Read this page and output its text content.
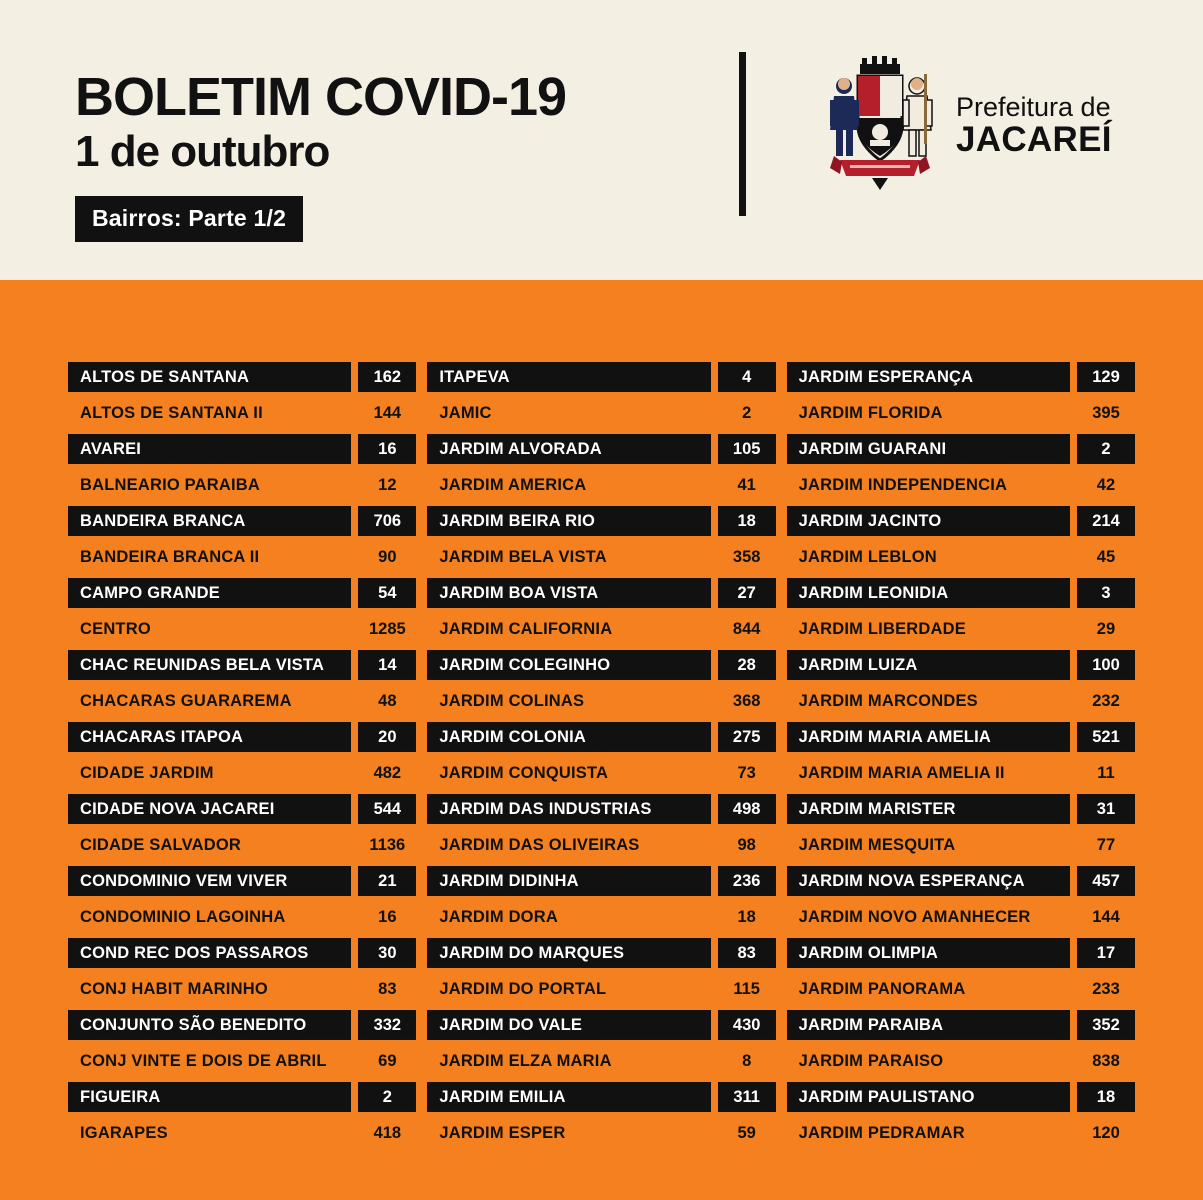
BOLETIM COVID-19
1 de outubro
Bairros: Parte 1/2
Prefeitura de
JACAREÍ
ALTOS DE SANTANA	162
ALTOS DE SANTANA II	144
AVAREI	16
BALNEARIO PARAIBA	12
BANDEIRA BRANCA	706
BANDEIRA BRANCA II	90
CAMPO GRANDE	54
CENTRO	1285
CHAC REUNIDAS BELA VISTA	14
CHACARAS GUARAREMA	48
CHACARAS ITAPOA	20
CIDADE JARDIM	482
CIDADE NOVA JACAREI	544
CIDADE SALVADOR	1136
CONDOMINIO VEM VIVER	21
CONDOMINIO LAGOINHA	16
COND REC DOS PASSAROS	30
CONJ HABIT MARINHO	83
CONJUNTO SÃO BENEDITO	332
CONJ VINTE E DOIS DE ABRIL	69
FIGUEIRA	2
IGARAPES	418
ITAPEVA	4
JAMIC	2
JARDIM ALVORADA	105
JARDIM AMERICA	41
JARDIM BEIRA RIO	18
JARDIM BELA VISTA	358
JARDIM BOA VISTA	27
JARDIM CALIFORNIA	844
JARDIM COLEGINHO	28
JARDIM COLINAS	368
JARDIM COLONIA	275
JARDIM CONQUISTA	73
JARDIM DAS INDUSTRIAS	498
JARDIM DAS OLIVEIRAS	98
JARDIM DIDINHA	236
JARDIM DORA	18
JARDIM DO MARQUES	83
JARDIM DO PORTAL	115
JARDIM DO VALE	430
JARDIM ELZA MARIA	8
JARDIM EMILIA	311
JARDIM ESPER	59
JARDIM ESPERANÇA	129
JARDIM FLORIDA	395
JARDIM GUARANI	2
JARDIM INDEPENDENCIA	42
JARDIM JACINTO	214
JARDIM LEBLON	45
JARDIM LEONIDIA	3
JARDIM LIBERDADE	29
JARDIM LUIZA	100
JARDIM MARCONDES	232
JARDIM MARIA AMELIA	521
JARDIM MARIA AMELIA II	11
JARDIM MARISTER	31
JARDIM MESQUITA	77
JARDIM NOVA ESPERANÇA	457
JARDIM NOVO AMANHECER	144
JARDIM OLIMPIA	17
JARDIM PANORAMA	233
JARDIM PARAIBA	352
JARDIM PARAISO	838
JARDIM PAULISTANO	18
JARDIM PEDRAMAR	120
